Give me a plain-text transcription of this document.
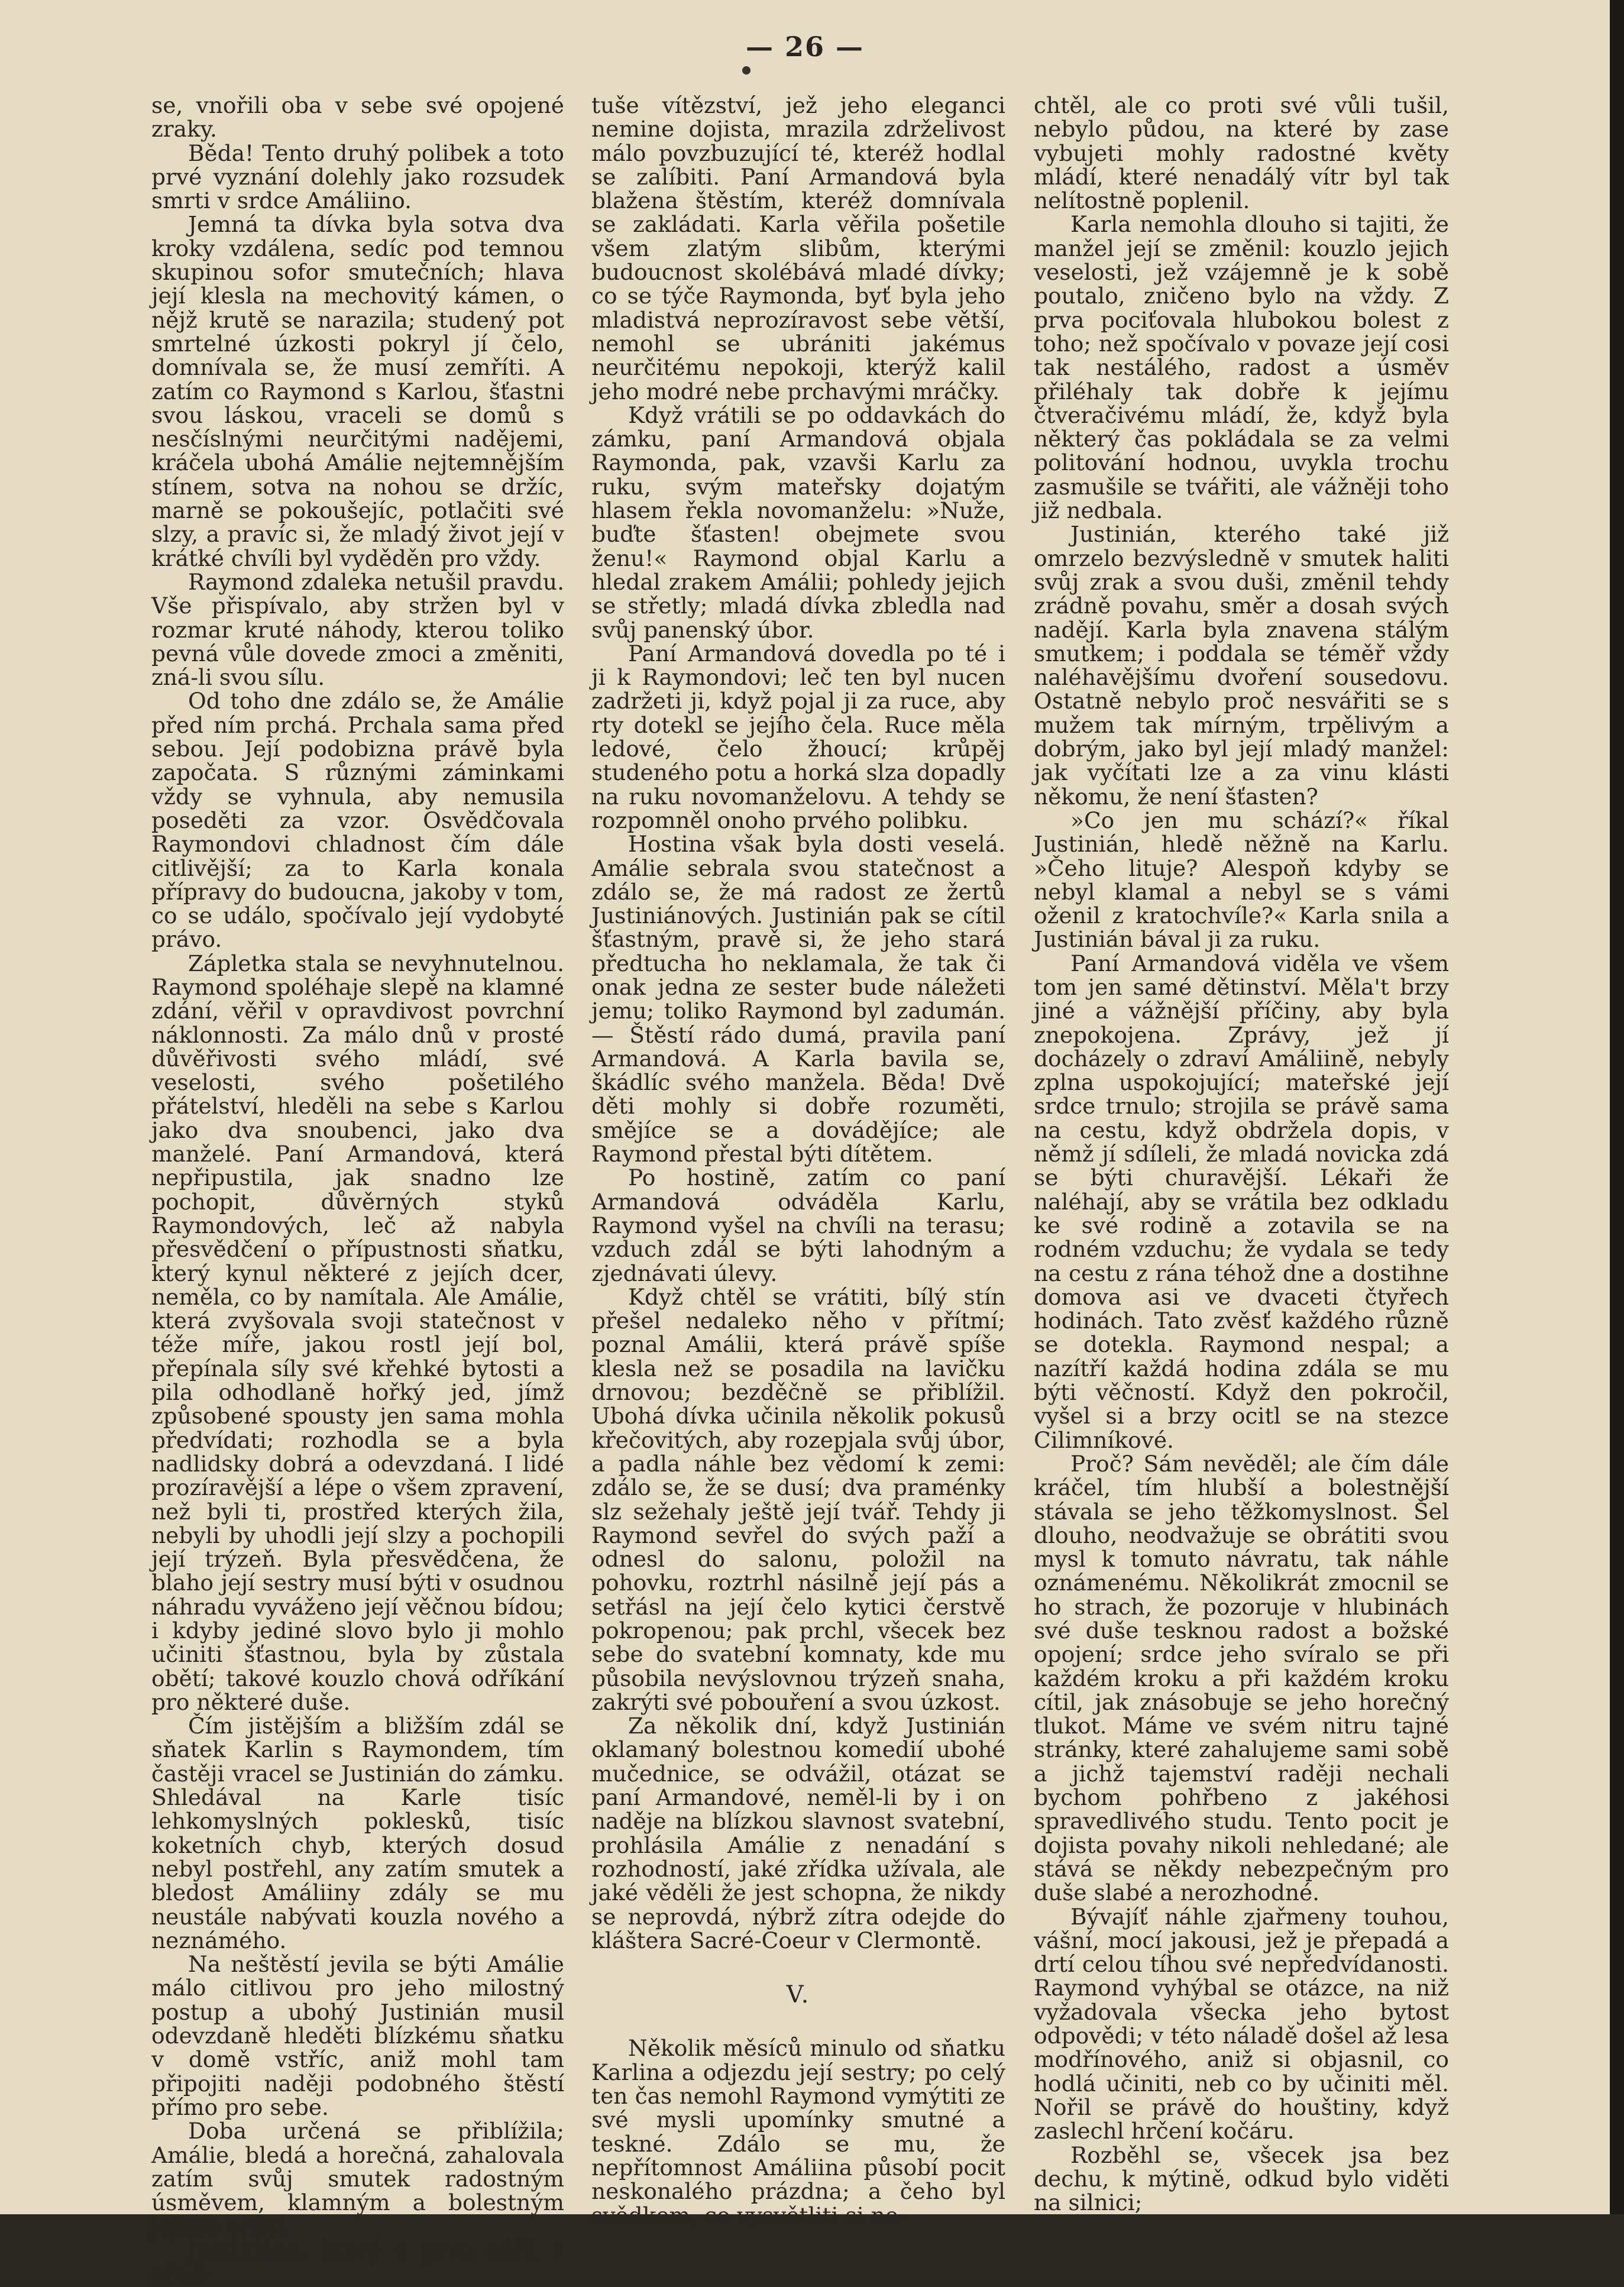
— 26 —

se, vnořili oba v sebe své opojené zraky.

Běda! Tento druhý polibek a toto prvé vyznání dolehly jako rozsudek smrti v srdce Amáliino.

Jemná ta dívka byla sotva dva kroky vzdálena, sedíc pod temnou skupinou sofor smutečních; hlava její klesla na mechovitý kámen, o nějž krutě se narazila; studený pot smrtelné úzkosti pokryl jí čelo, domnívala se, že musí zemříti. A zatím co Raymond s Karlou, šťastni svou láskou, vraceli se domů s nesčíslnými neurčitými nadějemi, kráčela ubohá Amálie nejtemnějším stínem, sotva na nohou se držíc, marně se pokoušejíc, potlačiti své slzy, a pravíc si, že mladý život její v krátké chvíli byl vyděděn pro vždy.

Raymond zdaleka netušil pravdu. Vše přispívalo, aby stržen byl v rozmar kruté náhody, kterou toliko pevná vůle dovede zmoci a změniti, zná-li svou sílu.

Od toho dne zdálo se, že Amálie před ním prchá. Prchala sama před sebou. Její podobizna právě byla započata. S různými záminkami vždy se vyhnula, aby nemusila poseděti za vzor. Osvědčovala Raymondovi chladnost čím dále citlivější; za to Karla konala přípravy do budoucna, jakoby v tom, co se událo, spočívalo její vydobyté právo.

Zápletka stala se nevyhnutelnou. Raymond spoléhaje slepě na klamné zdání, věřil v opravdivost povrchní náklonnosti. Za málo dnů v prosté důvěřivosti svého mládí, své veselosti, svého pošetilého přátelství, hleděli na sebe s Karlou jako dva snoubenci, jako dva manželé. Paní Armandová, která nepřipustila, jak snadno lze pochopit, důvěrných styků Raymondových, leč až nabyla přesvědčení o přípustnosti sňatku, který kynul některé z jejích dcer, neměla, co by namítala. Ale Amálie, která zvyšovala svoji statečnost v téže míře, jakou rostl její bol, přepínala síly své křehké bytosti a pila odhodlaně hořký jed, jímž způsobené spousty jen sama mohla předvídati; rozhodla se a byla nadlidsky dobrá a odevzdaná. I lidé prozíravější a lépe o všem zpravení, než byli ti, prostřed kterých žila, nebyli by uhodli její slzy a pochopili její trýzeň. Byla přesvědčena, že blaho její sestry musí býti v osudnou náhradu vyváženo její věčnou bídou; i kdyby jediné slovo bylo ji mohlo učiniti šťastnou, byla by zůstala obětí; takové kouzlo chová odříkání pro některé duše.

Čím jistějším a bližším zdál se sňatek Karlin s Raymondem, tím častěji vracel se Justinián do zámku. Shledával na Karle tisíc lehkomyslných poklesků, tisíc koketních chyb, kterých dosud nebyl postřehl, any zatím smutek a bledost Amáliiny zdály se mu neustále nabývati kouzla nového a neznámého.

Na neštěstí jevila se býti Amálie málo citlivou pro jeho milostný postup a ubohý Justinián musil odevzdaně hleděti blízkému sňatku v domě vstříc, aniž mohl tam připojiti naději podobného štěstí přímo pro sebe.

Doba určená se přiblížila; Amálie, bledá a horečná, zahalovala zatím svůj smutek radostným úsměvem, klamným a bolestným jejímu srdci.

Justiniána, který z prvu zářil v před-

tuše vítězství, jež jeho eleganci nemine dojista, mrazila zdrželivost málo povzbuzující té, kteréž hodlal se zalíbiti. Paní Armandová byla blažena štěstím, kteréž domnívala se zakládati. Karla věřila pošetile všem zlatým slibům, kterými budoucnost skolébává mladé dívky; co se týče Raymonda, byť byla jeho mladistvá neprozíravost sebe větší, nemohl se ubrániti jakémus neurčitému nepokoji, kterýž kalil jeho modré nebe prchavými mráčky.

Když vrátili se po oddavkách do zámku, paní Armandová objala Raymonda, pak, vzavši Karlu za ruku, svým mateřsky dojatým hlasem řekla novomanželu: »Nuže, buďte šťasten! obejmete svou ženu!« Raymond objal Karlu a hledal zrakem Amálii; pohledy jejich se střetly; mladá dívka zbledla nad svůj panenský úbor.

Paní Armandová dovedla po té i ji k Raymondovi; leč ten byl nucen zadržeti ji, když pojal ji za ruce, aby rty dotekl se jejího čela. Ruce měla ledové, čelo žhoucí; krůpěj studeného potu a horká slza dopadly na ruku novomanželovu. A tehdy se rozpomněl onoho prvého polibku.

Hostina však byla dosti veselá. Amálie sebrala svou statečnost a zdálo se, že má radost ze žertů Justiniánových. Justinián pak se cítil šťastným, pravě si, že jeho stará předtucha ho neklamala, že tak či onak jedna ze sester bude náležeti jemu; toliko Raymond byl zadumán. — Štěstí rádo dumá, pravila paní Armandová. A Karla bavila se, škádlíc svého manžela. Běda! Dvě děti mohly si dobře rozuměti, smějíce se a dovádějíce; ale Raymond přestal býti dítětem.

Po hostině, zatím co paní Armandová odváděla Karlu, Raymond vyšel na chvíli na terasu; vzduch zdál se býti lahodným a zjednávati úlevy.

Když chtěl se vrátiti, bílý stín přešel nedaleko něho v přítmí; poznal Amálii, která právě spíše klesla než se posadila na lavičku drnovou; bezděčně se přiblížil. Ubohá dívka učinila několik pokusů křečovitých, aby rozepjala svůj úbor, a padla náhle bez vědomí k zemi: zdálo se, že se dusí; dva praménky slz sežehaly ještě její tvář. Tehdy ji Raymond sevřel do svých paží a odnesl do salonu, položil na pohovku, roztrhl násilně její pás a setřásl na její čelo kytici čerstvě pokropenou; pak prchl, všecek bez sebe do svatební komnaty, kde mu působila nevýslovnou trýzeň snaha, zakrýti své pobouření a svou úzkost.

Za několik dní, když Justinián oklamaný bolestnou komedií ubohé mučednice, se odvážil, otázat se paní Armandové, neměl-li by i on naděje na blízkou slavnost svatební, prohlásila Amálie z nenadání s rozhodností, jaké zřídka užívala, ale jaké věděli že jest schopna, že nikdy se neprovdá, nýbrž zítra odejde do kláštera Sacré-Coeur v Clermontě.

V.

Několik měsíců minulo od sňatku Karlina a odjezdu její sestry; po celý ten čas nemohl Raymond vymýtiti ze své mysli upomínky smutné a teskné. Zdálo se mu, že nepřítomnost Amáliina působí pocit neskonalého prázdna; a čeho byl svědkem, co vysvětliti si ne-

chtěl, ale co proti své vůli tušil, nebylo půdou, na které by zase vybujeti mohly radostné květy mládí, které nenadálý vítr byl tak nelítostně poplenil.

Karla nemohla dlouho si tajiti, že manžel její se změnil: kouzlo jejich veselosti, jež vzájemně je k sobě poutalo, zničeno bylo na vždy. Z prva pociťovala hlubokou bolest z toho; než spočívalo v povaze její cosi tak nestálého, radost a úsměv přiléhaly tak dobře k jejímu čtveračivému mládí, že, když byla některý čas pokládala se za velmi politování hodnou, uvykla trochu zasmušile se tvářiti, ale vážněji toho již nedbala.

Justinián, kterého také již omrzelo bezvýsledně v smutek haliti svůj zrak a svou duši, změnil tehdy zrádně povahu, směr a dosah svých nadějí. Karla byla znavena stálým smutkem; i poddala se téměř vždy naléhavějšímu dvoření sousedovu. Ostatně nebylo proč nesvářiti se s mužem tak mírným, trpělivým a dobrým, jako byl její mladý manžel: jak vyčítati lze a za vinu klásti někomu, že není šťasten?

»Co jen mu schází?« říkal Justinián, hledě něžně na Karlu. »Čeho lituje? Alespoň kdyby se nebyl klamal a nebyl se s vámi oženil z kratochvíle?« Karla snila a Justinián bával ji za ruku.

Paní Armandová viděla ve všem tom jen samé dětinství. Měla't brzy jiné a vážnější příčiny, aby byla znepokojena. Zprávy, jež jí docházely o zdraví Amáliině, nebyly zplna uspokojující; mateřské její srdce trnulo; strojila se právě sama na cestu, když obdržela dopis, v němž jí sdíleli, že mladá novicka zdá se býti churavější. Lékaři že naléhají, aby se vrátila bez odkladu ke své rodině a zotavila se na rodném vzduchu; že vydala se tedy na cestu z rána téhož dne a dostihne domova asi ve dvaceti čtyřech hodinách. Tato zvěsť každého různě se dotekla. Raymond nespal; a nazítří každá hodina zdála se mu býti věčností. Když den pokročil, vyšel si a brzy ocitl se na stezce Cilimníkové.

Proč? Sám nevěděl; ale čím dále kráčel, tím hlubší a bolestnější stávala se jeho těžkomyslnost. Šel dlouho, neodvažuje se obrátiti svou mysl k tomuto návratu, tak náhle oznámenému. Několikrát zmocnil se ho strach, že pozoruje v hlubinách své duše tesknou radost a božské opojení; srdce jeho svíralo se při každém kroku a při každém kroku cítil, jak znásobuje se jeho horečný tlukot. Máme ve svém nitru tajné stránky, které zahalujeme sami sobě a jichž tajemství raději nechali bychom pohřbeno z jakéhosi spravedlivého studu. Tento pocit je dojista povahy nikoli nehledané; ale stává se někdy nebezpečným pro duše slabé a nerozhodné.

Bývajíť náhle zjařmeny touhou, vášní, mocí jakousi, jež je přepadá a drtí celou tíhou své nepředvídanosti. Raymond vyhýbal se otázce, na niž vyžadovala všecka jeho bytost odpovědi; v této náladě došel až lesa modřínového, aniž si objasnil, co hodlá učiniti, neb co by učiniti měl. Nořil se právě do houštiny, když zaslechl hrčení kočáru.

Rozběhl se, všecek jsa bez dechu, k mýtině, odkud bylo viděti na silnici;
